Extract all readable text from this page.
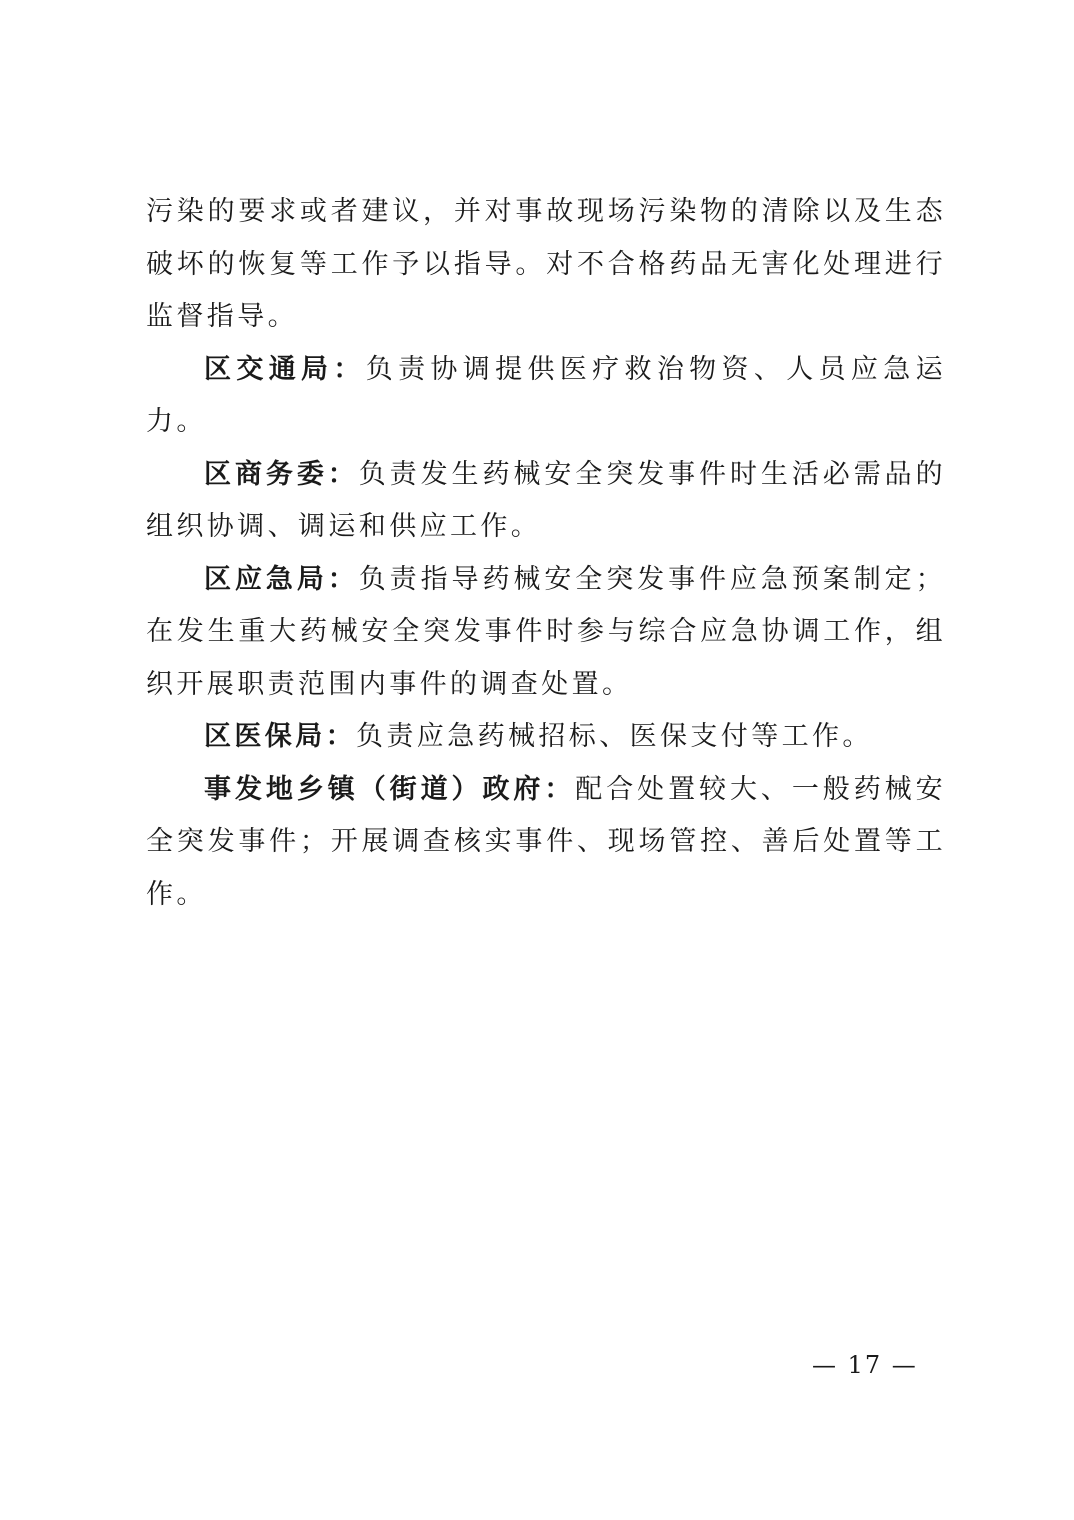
污染的要求或者建议，并对事故现场污染物的清除以及生态破坏的恢复等工作予以指导。对不合格药品无害化处理进行监督指导。

区交通局：负责协调提供医疗救治物资、人员应急运力。

区商务委：负责发生药械安全突发事件时生活必需品的组织协调、调运和供应工作。

区应急局：负责指导药械安全突发事件应急预案制定；在发生重大药械安全突发事件时参与综合应急协调工作，组织开展职责范围内事件的调查处置。

区医保局：负责应急药械招标、医保支付等工作。

事发地乡镇（街道）政府：配合处置较大、一般药械安全突发事件；开展调查核实事件、现场管控、善后处置等工作。

— 17 —
